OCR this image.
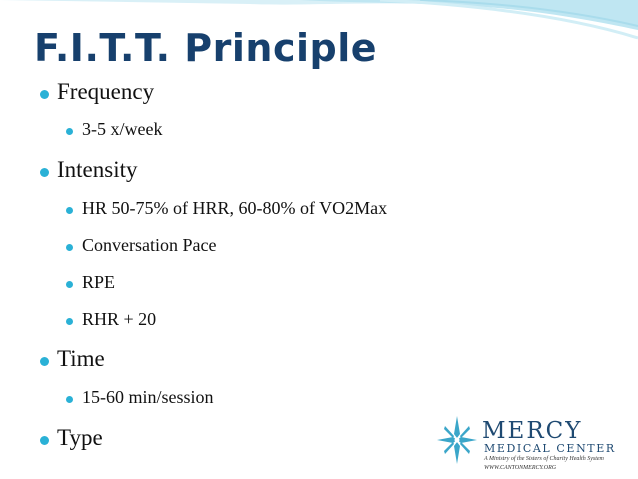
F.I.T.T. Principle
Frequency
3-5 x/week
Intensity
HR 50-75% of HRR, 60-80% of VO2Max
Conversation Pace
RPE
RHR + 20
Time
15-60 min/session
Type	MERCY
MEDICAL CENTER
A Ministry of the Sisters of Charity Health System
WWW.CANTONMERCY.ORG
